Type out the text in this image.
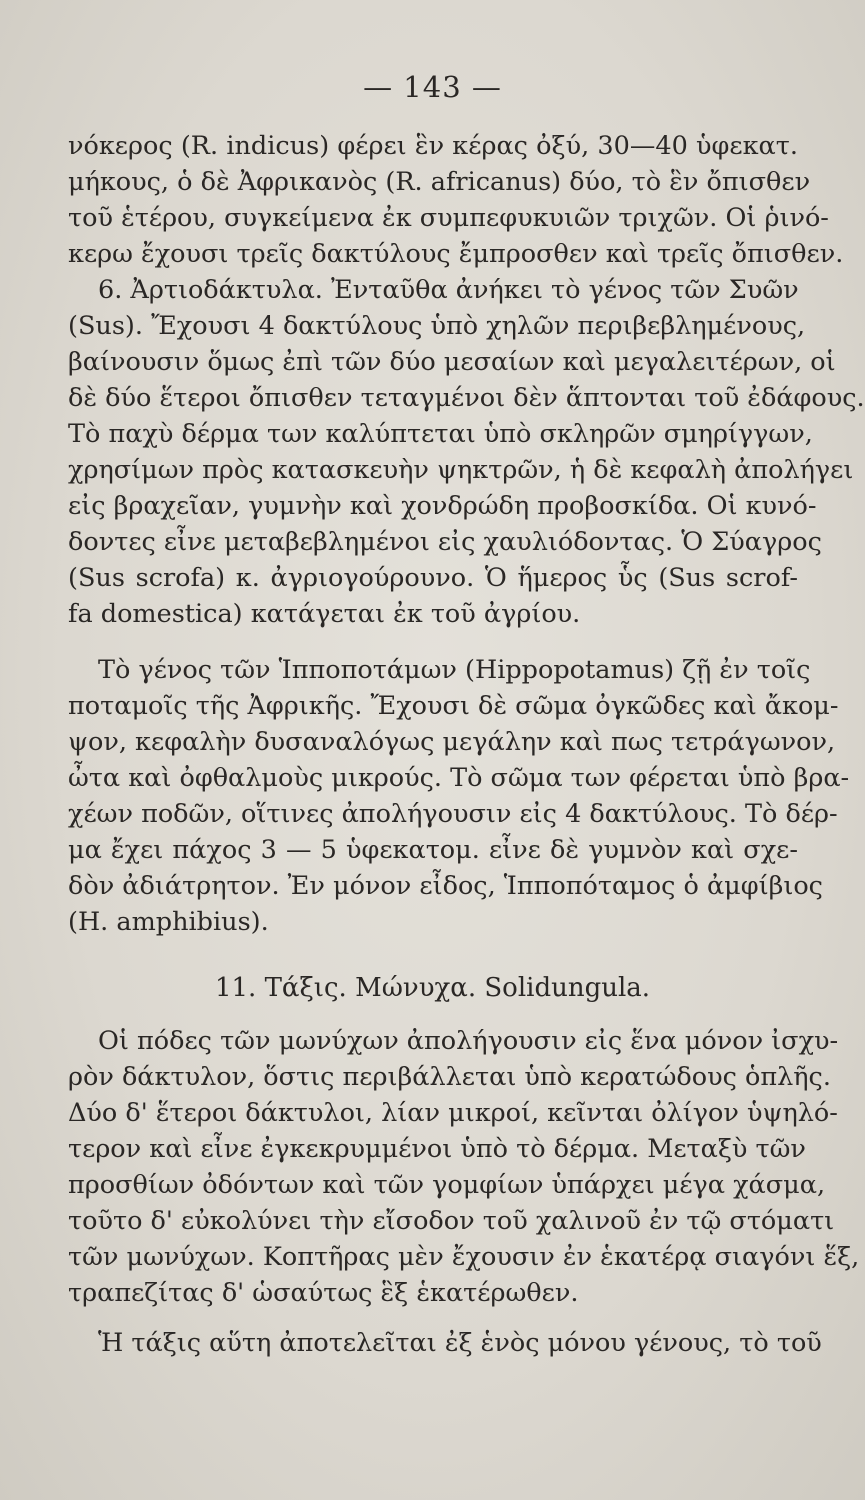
— 143 —
νόκερος (R. indicus) φέρει ἓν κέρας ὀξύ, 30—40 ὑφεκατ.
μήκους, ὁ δὲ Ἀφρικανὸς (R. africanus) δύο, τὸ ἓν ὄπισθεν
τοῦ ἑτέρου, συγκείμενα ἐκ συμπεφυκυιῶν τριχῶν. Οἱ ῥινό-
κερω ἔχουσι τρεῖς δακτύλους ἔμπροσθεν καὶ τρεῖς ὄπισθεν.
6. Ἀρτιοδάκτυλα. Ἐνταῦθα ἀνήκει τὸ γένος τῶν Συῶν
(Sus). Ἔχουσι 4 δακτύλους ὑπὸ χηλῶν περιβεβλημένους,
βαίνουσιν ὅμως ἐπὶ τῶν δύο μεσαίων καὶ μεγαλειτέρων, οἱ
δὲ δύο ἕτεροι ὄπισθεν τεταγμένοι δὲν ἅπτονται τοῦ ἐδάφους.
Τὸ παχὺ δέρμα των καλύπτεται ὑπὸ σκληρῶν σμηρίγγων,
χρησίμων πρὸς κατασκευὴν ψηκτρῶν, ἡ δὲ κεφαλὴ ἀπολήγει
εἰς βραχεῖαν, γυμνὴν καὶ χονδρώδη προβοσκίδα. Οἱ κυνό-
δοντες εἶνε μεταβεβλημένοι εἰς χαυλιόδοντας. Ὁ Σύαγρος
(Sus scrofa) κ. ἀγριογούρουνο. Ὁ ἥμερος ὗς (Sus scrof-
fa domestica) κατάγεται ἐκ τοῦ ἀγρίου.
Τὸ γένος τῶν Ἱπποποτάμων (Hippopotamus) ζῇ ἐν τοῖς
ποταμοῖς τῆς Ἀφρικῆς. Ἔχουσι δὲ σῶμα ὀγκῶδες καὶ ἄκομ-
ψον, κεφαλὴν δυσαναλόγως μεγάλην καὶ πως τετράγωνον,
ὦτα καὶ ὀφθαλμοὺς μικρούς. Τὸ σῶμα των φέρεται ὑπὸ βρα-
χέων ποδῶν, οἵτινες ἀπολήγουσιν εἰς 4 δακτύλους. Τὸ δέρ-
μα ἔχει πάχος 3 — 5 ὑφεκατομ. εἶνε δὲ γυμνὸν καὶ σχε-
δὸν ἀδιάτρητον. Ἐν μόνον εἶδος, Ἱπποπόταμος ὁ ἀμφίβιος
(H. amphibius).
11. Τάξις. Μώνυχα. Solidungula.
Οἱ πόδες τῶν μωνύχων ἀπολήγουσιν εἰς ἕνα μόνον ἰσχυ-
ρὸν δάκτυλον, ὅστις περιβάλλεται ὑπὸ κερατώδους ὁπλῆς.
Δύο δ' ἕτεροι δάκτυλοι, λίαν μικροί, κεῖνται ὀλίγον ὑψηλό-
τερον καὶ εἶνε ἐγκεκρυμμένοι ὑπὸ τὸ δέρμα. Μεταξὺ τῶν
προσθίων ὀδόντων καὶ τῶν γομφίων ὑπάρχει μέγα χάσμα,
τοῦτο δ' εὐκολύνει τὴν εἴσοδον τοῦ χαλινοῦ ἐν τῷ στόματι
τῶν μωνύχων. Κοπτῆρας μὲν ἔχουσιν ἐν ἑκατέρᾳ σιαγόνι ἕξ,
τραπεζίτας δ' ὡσαύτως ἓξ ἑκατέρωθεν.
Ἡ τάξις αὕτη ἀποτελεῖται ἐξ ἑνὸς μόνου γένους, τὸ τοῦ
